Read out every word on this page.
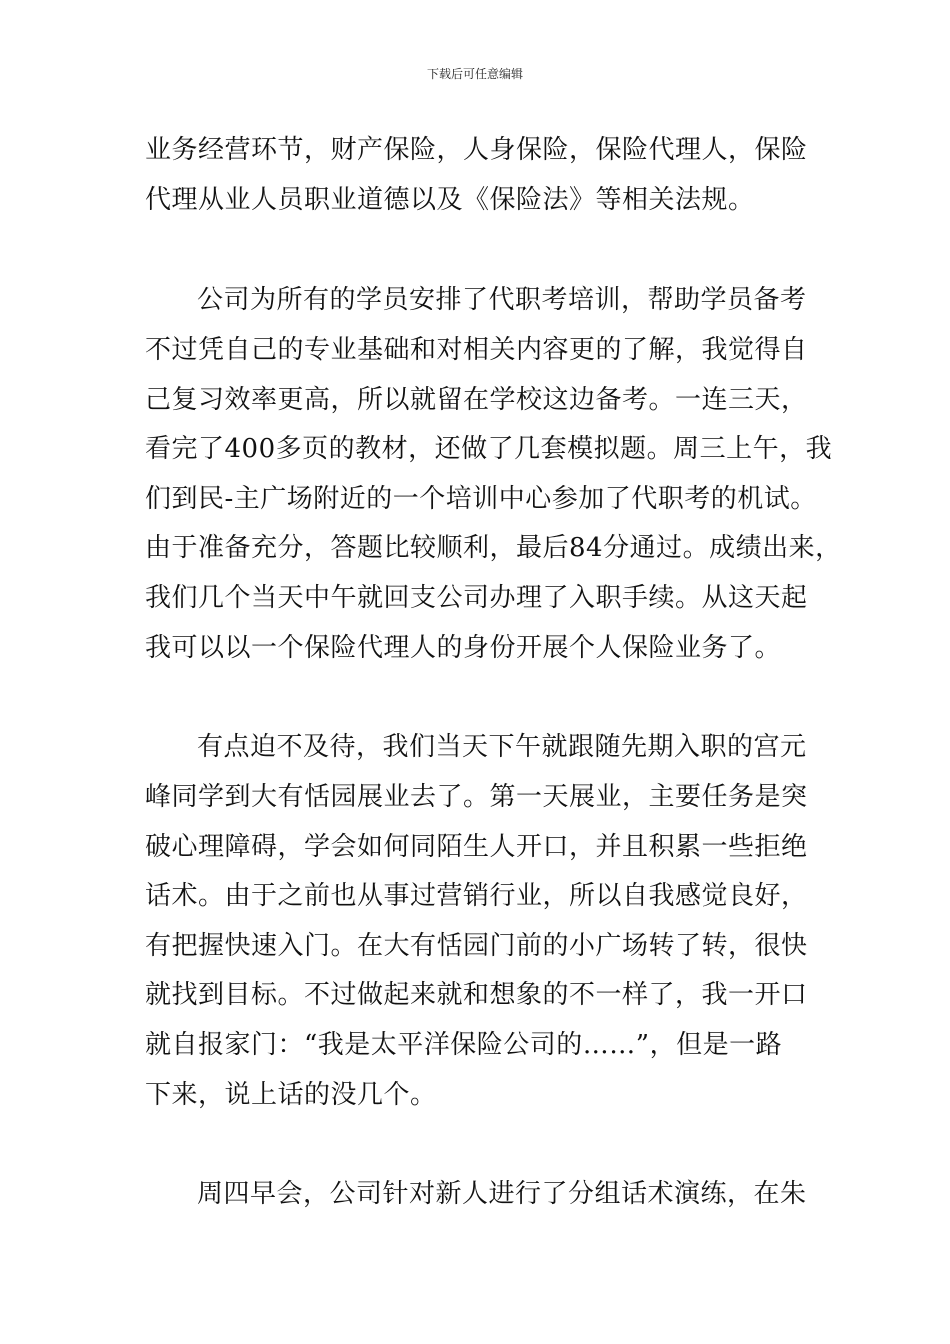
下载后可任意编辑
业务经营环节，财产保险，人身保险，保险代理人，保险
代理从业人员职业道德以及《保险法》等相关法规。
公司为所有的学员安排了代职考培训，帮助学员备考
不过凭自己的专业基础和对相关内容更的了解，我觉得自
己复习效率更高，所以就留在学校这边备考。一连三天，
看完了400多页的教材，还做了几套模拟题。周三上午，我
们到民-主广场附近的一个培训中心参加了代职考的机试。
由于准备充分，答题比较顺利，最后84分通过。成绩出来，
我们几个当天中午就回支公司办理了入职手续。从这天起
我可以以一个保险代理人的身份开展个人保险业务了。
有点迫不及待，我们当天下午就跟随先期入职的宫元
峰同学到大有恬园展业去了。第一天展业，主要任务是突
破心理障碍，学会如何同陌生人开口，并且积累一些拒绝
话术。由于之前也从事过营销行业，所以自我感觉良好，
有把握快速入门。在大有恬园门前的小广场转了转，很快
就找到目标。不过做起来就和想象的不一样了，我一开口
就自报家门：“我是太平洋保险公司的……”，但是一路
下来，说上话的没几个。
周四早会，公司针对新人进行了分组话术演练，在朱
